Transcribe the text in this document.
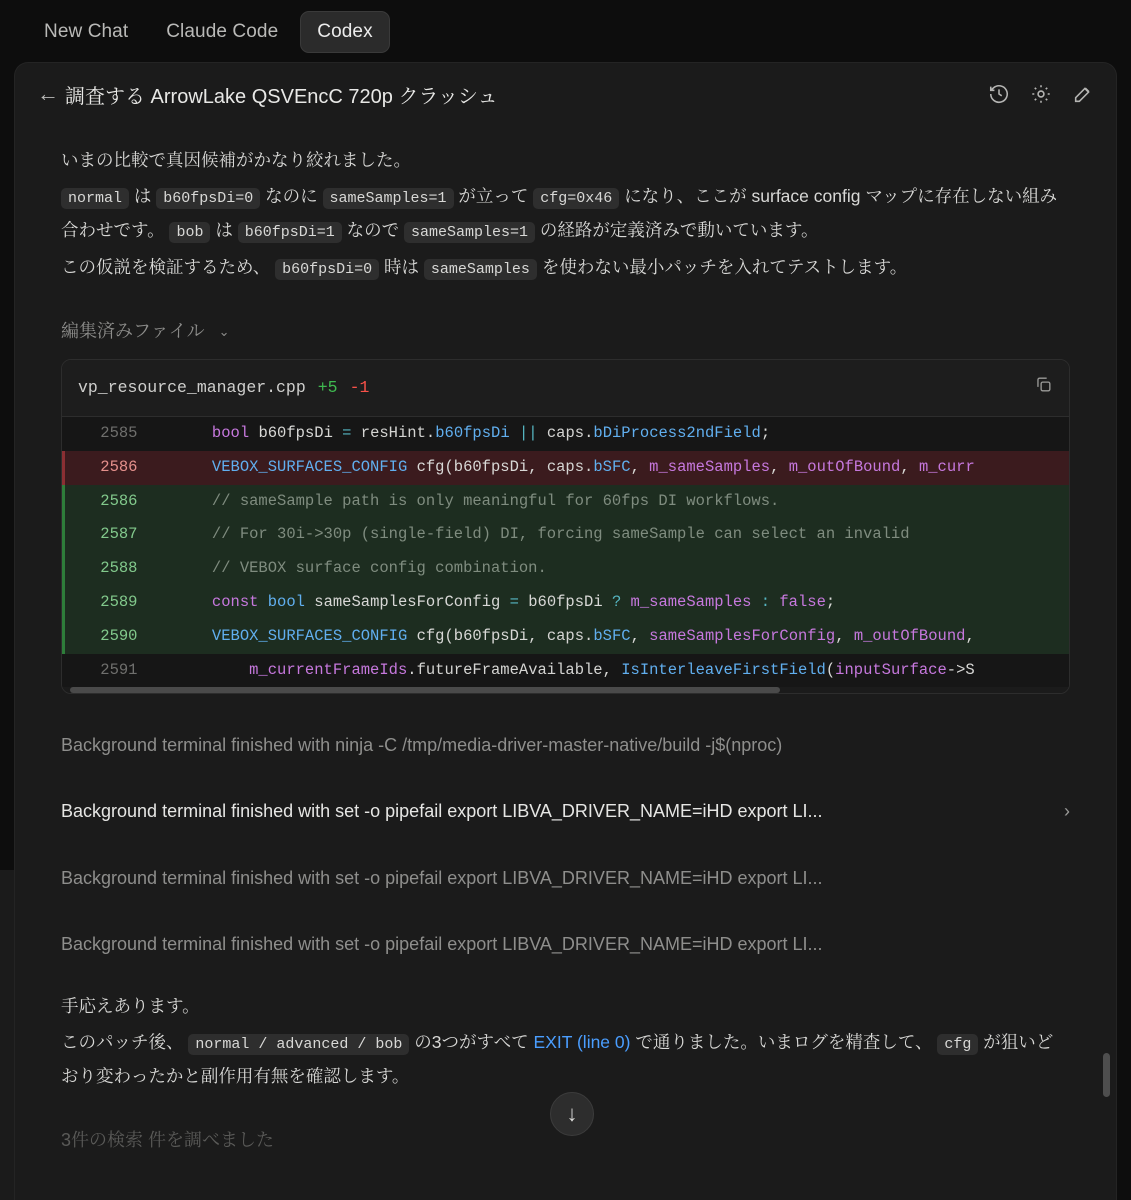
New Chat	Claude Code	Codex
← 調査する ArrowLake QSVEncC 720p クラッシュ

いまの比較で真因候補がかなり絞れました。

normal は b60fpsDi=0 なのに sameSamples=1 が立って cfg=0x46 になり、ここが surface config マップに存在しない組み合わせです。 bob は b60fpsDi=1 なので sameSamples=1 の経路が定義済みで動いています。

この仮説を検証するため、 b60fpsDi=0 時は sameSamples を使わない最小パッチを入れてテストします。

編集済みファイル ⌄
vp_resource_manager.cpp +5 -1
2585	bool b60fpsDi = resHint.b60fpsDi || caps.bDiProcess2ndField;
2586	VEBOX_SURFACES_CONFIG cfg(b60fpsDi, caps.bSFC, m_sameSamples, m_outOfBound, m_curr
2586	// sameSample path is only meaningful for 60fps DI workflows.
2587	// For 30i->30p (single-field) DI, forcing sameSample can select an invalid
2588	// VEBOX surface config combination.
2589	const bool sameSamplesForConfig = b60fpsDi ? m_sameSamples : false;
2590	VEBOX_SURFACES_CONFIG cfg(b60fpsDi, caps.bSFC, sameSamplesForConfig, m_outOfBound,
2591	m_currentFrameIds.futureFrameAvailable, IsInterleaveFirstField(inputSurface->S
Background terminal finished with ninja -C /tmp/media-driver-master-native/build -j$(nproc)
Background terminal finished with set -o pipefail export LIBVA_DRIVER_NAME=iHD export LI...	›
Background terminal finished with set -o pipefail export LIBVA_DRIVER_NAME=iHD export LI...
Background terminal finished with set -o pipefail export LIBVA_DRIVER_NAME=iHD export LI...

手応えあります。

このパッチ後、 normal / advanced / bob の3つがすべて EXIT (line 0) で通りました。いまログを精査して、 cfg が狙いどおり変わったかと副作用有無を確認します。

3件の検索 件を調べました
↓
